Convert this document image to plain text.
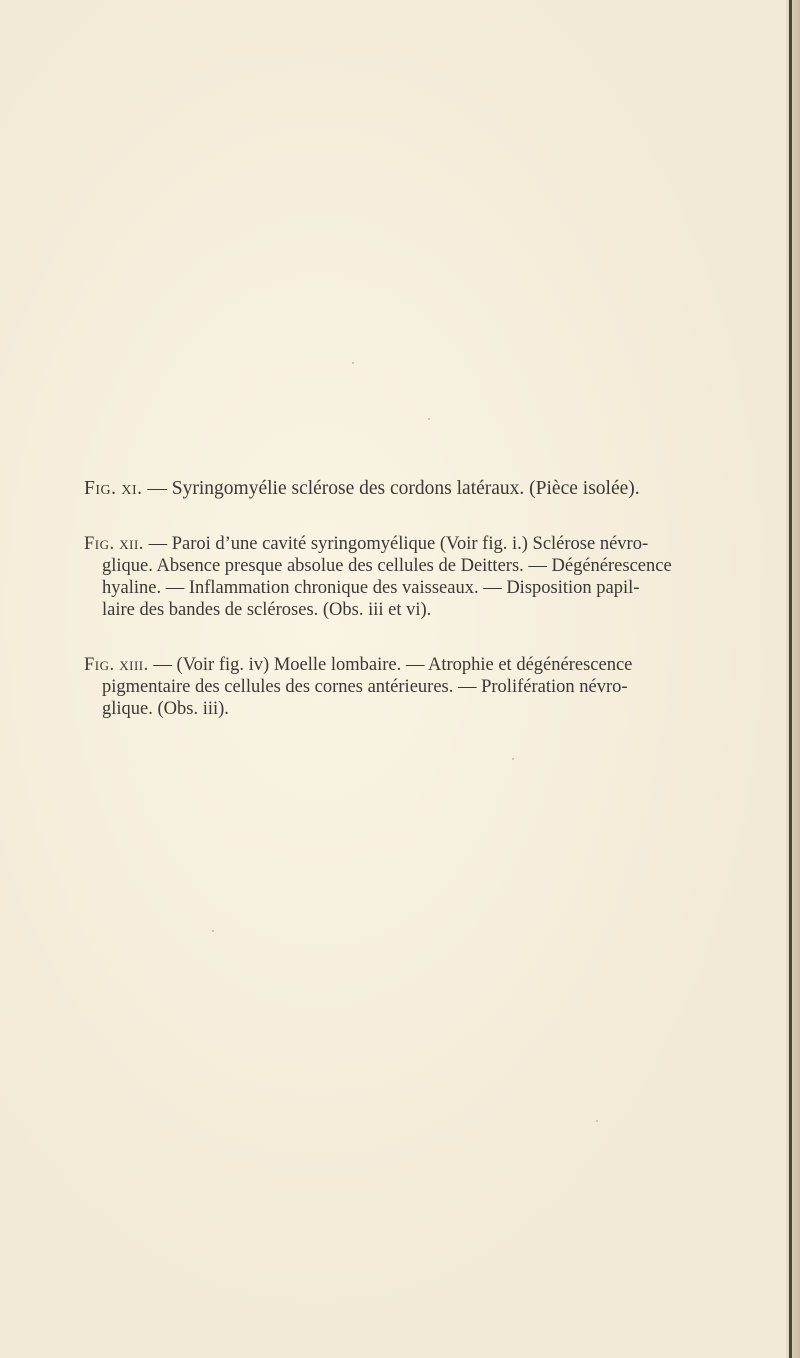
Fig. xi. — Syringomyélie sclérose des cordons latéraux. (Pièce isolée).

Fig. xii. — Paroi d’une cavité syringomyélique (Voir fig. i.) Sclérose névro-
glique. Absence presque absolue des cellules de Deitters. — Dégénérescence
hyaline. — Inflammation chronique des vaisseaux. — Disposition papil-
laire des bandes de scléroses. (Obs. iii et vi).

Fig. xiii. — (Voir fig. iv) Moelle lombaire. — Atrophie et dégénérescence
pigmentaire des cellules des cornes antérieures. — Prolifération névro-
glique. (Obs. iii).
